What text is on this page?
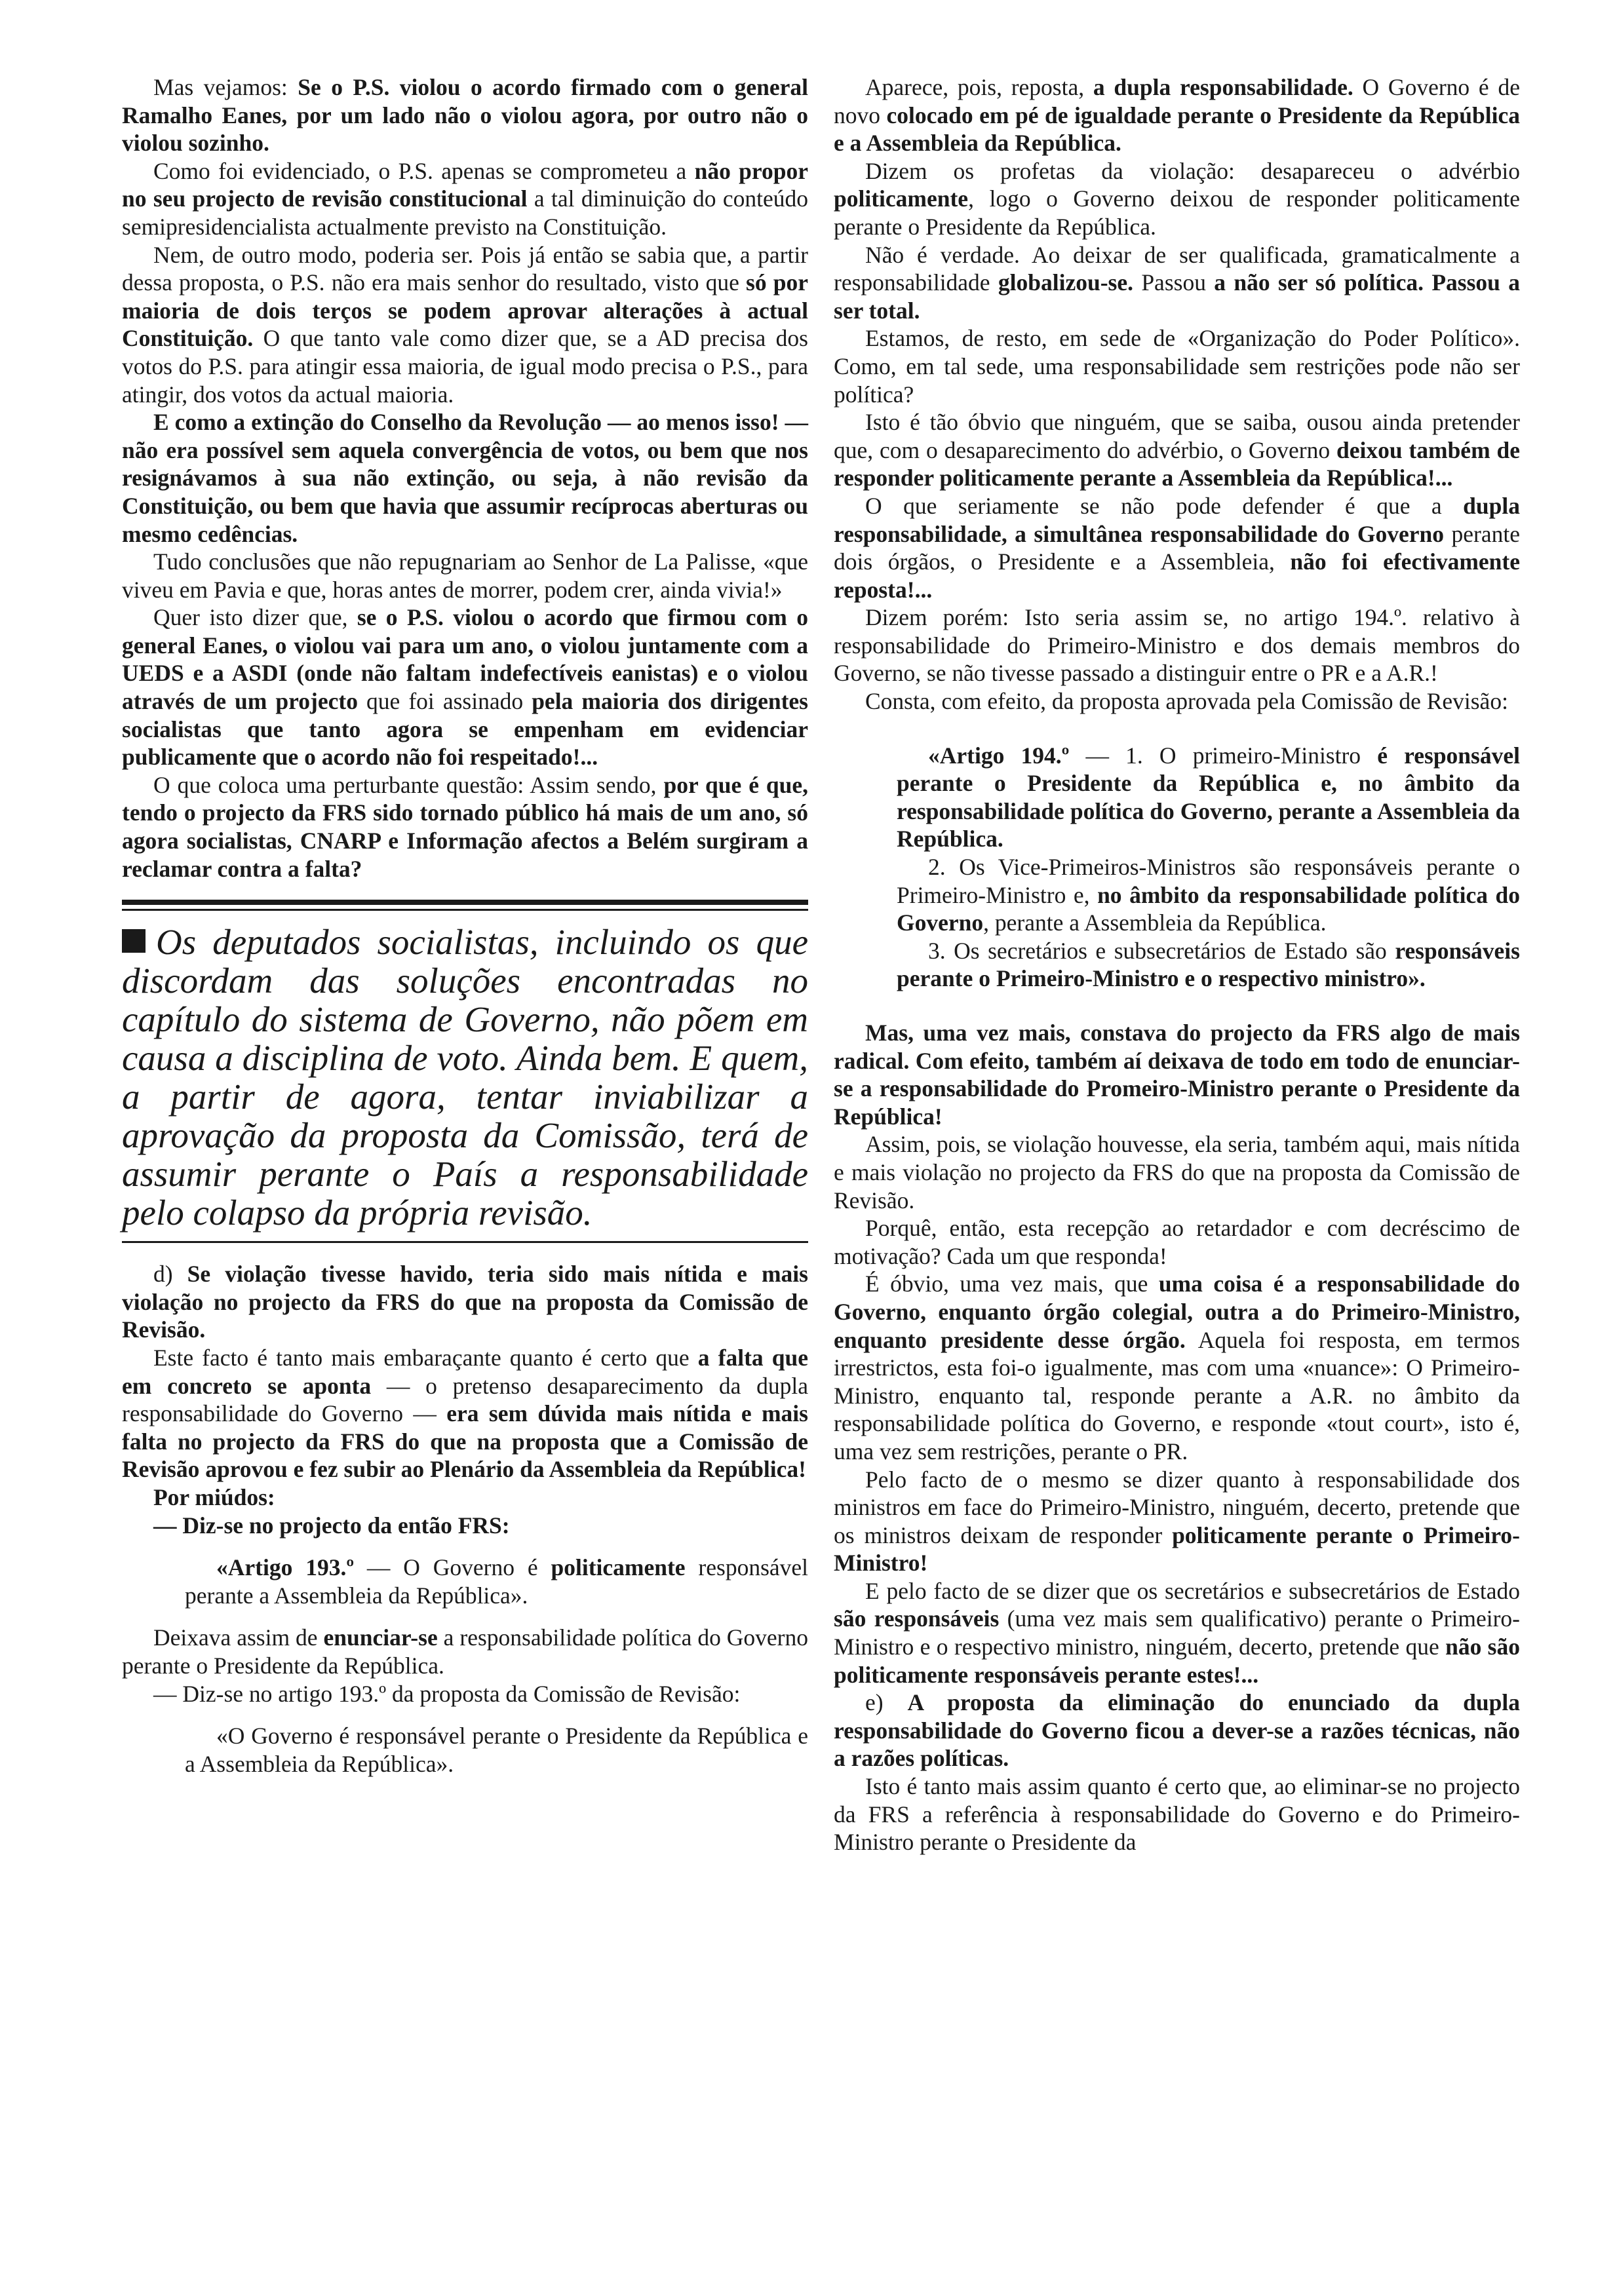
Mas vejamos: Se o P.S. violou o acordo firmado com o general Ramalho Eanes, por um lado não o violou agora, por outro não o violou sozinho.

Como foi evidenciado, o P.S. apenas se comprometeu a não propor no seu projecto de revisão constitucional a tal diminuição do conteúdo semipresidencialista actualmente previsto na Constituição.

Nem, de outro modo, poderia ser. Pois já então se sabia que, a partir dessa proposta, o P.S. não era mais senhor do resultado, visto que só por maioria de dois terços se podem aprovar alterações à actual Constituição. O que tanto vale como dizer que, se a AD precisa dos votos do P.S. para atingir essa maioria, de igual modo precisa o P.S., para atingir, dos votos da actual maioria.

E como a extinção do Conselho da Revolução — ao menos isso! — não era possível sem aquela convergência de votos, ou bem que nos resignávamos à sua não extinção, ou seja, à não revisão da Constituição, ou bem que havia que assumir recíprocas aberturas ou mesmo cedências.

Tudo conclusões que não repugnariam ao Senhor de La Palisse, «que viveu em Pavia e que, horas antes de morrer, podem crer, ainda vivia!»

Quer isto dizer que, se o P.S. violou o acordo que firmou com o general Eanes, o violou vai para um ano, o violou juntamente com a UEDS e a ASDI (onde não faltam indefectíveis eanistas) e o violou através de um projecto que foi assinado pela maioria dos dirigentes socialistas que tanto agora se empenham em evidenciar publicamente que o acordo não foi respeitado!...

O que coloca uma perturbante questão: Assim sendo, por que é que, tendo o projecto da FRS sido tornado público há mais de um ano, só agora socialistas, CNARP e Informação afectos a Belém surgiram a reclamar contra a falta?

Os deputados socialistas, incluindo os que discordam das soluções encontradas no capítulo do sistema de Governo, não põem em causa a disciplina de voto. Ainda bem. E quem, a partir de agora, tentar inviabilizar a aprovação da proposta da Comissão, terá de assumir perante o País a responsabilidade pelo colapso da própria revisão.

d) Se violação tivesse havido, teria sido mais nítida e mais violação no projecto da FRS do que na proposta da Comissão de Revisão.

Este facto é tanto mais embaraçante quanto é certo que a falta que em concreto se aponta — o pretenso desaparecimento da dupla responsabilidade do Governo — era sem dúvida mais nítida e mais falta no projecto da FRS do que na proposta que a Comissão de Revisão aprovou e fez subir ao Plenário da Assembleia da República!

Por miúdos:

— Diz-se no projecto da então FRS:

«Artigo 193.º — O Governo é politicamente responsável perante a Assembleia da República».

Deixava assim de enunciar-se a responsabilidade política do Governo perante o Presidente da República.

— Diz-se no artigo 193.º da proposta da Comissão de Revisão:

«O Governo é responsável perante o Presidente da República e a Assembleia da República».

Aparece, pois, reposta, a dupla responsabilidade. O Governo é de novo colocado em pé de igualdade perante o Presidente da República e a Assembleia da República.

Dizem os profetas da violação: desapareceu o advérbio politicamente, logo o Governo deixou de responder politicamente perante o Presidente da República.

Não é verdade. Ao deixar de ser qualificada, gramaticalmente a responsabilidade globalizou-se. Passou a não ser só política. Passou a ser total.

Estamos, de resto, em sede de «Organização do Poder Político». Como, em tal sede, uma responsabilidade sem restrições pode não ser política?

Isto é tão óbvio que ninguém, que se saiba, ousou ainda pretender que, com o desaparecimento do advérbio, o Governo deixou também de responder politicamente perante a Assembleia da República!...

O que seriamente se não pode defender é que a dupla responsabilidade, a simultânea responsabilidade do Governo perante dois órgãos, o Presidente e a Assembleia, não foi efectivamente reposta!...

Dizem porém: Isto seria assim se, no artigo 194.º. relativo à responsabilidade do Primeiro-Ministro e dos demais membros do Governo, se não tivesse passado a distinguir entre o PR e a A.R.!

Consta, com efeito, da proposta aprovada pela Comissão de Revisão:

«Artigo 194.º — 1. O primeiro-Ministro é responsável perante o Presidente da República e, no âmbito da responsabilidade política do Governo, perante a Assembleia da República.

2. Os Vice-Primeiros-Ministros são responsáveis perante o Primeiro-Ministro e, no âmbito da responsabilidade política do Governo, perante a Assembleia da República.

3. Os secretários e subsecretários de Estado são responsáveis perante o Primeiro-Ministro e o respectivo ministro».

Mas, uma vez mais, constava do projecto da FRS algo de mais radical. Com efeito, também aí deixava de todo em todo de enunciar-se a responsabilidade do Promeiro-Ministro perante o Presidente da República!

Assim, pois, se violação houvesse, ela seria, também aqui, mais nítida e mais violação no projecto da FRS do que na proposta da Comissão de Revisão.

Porquê, então, esta recepção ao retardador e com decréscimo de motivação? Cada um que responda!

É óbvio, uma vez mais, que uma coisa é a responsabilidade do Governo, enquanto órgão colegial, outra a do Primeiro-Ministro, enquanto presidente desse órgão. Aquela foi resposta, em termos irrestrictos, esta foi-o igualmente, mas com uma «nuance»: O Primeiro-Ministro, enquanto tal, responde perante a A.R. no âmbito da responsabilidade política do Governo, e responde «tout court», isto é, uma vez sem restrições, perante o PR.

Pelo facto de o mesmo se dizer quanto à responsabilidade dos ministros em face do Primeiro-Ministro, ninguém, decerto, pretende que os ministros deixam de responder politicamente perante o Primeiro-Ministro!

E pelo facto de se dizer que os secretários e subsecretários de Estado são responsáveis (uma vez mais sem qualificativo) perante o Primeiro-Ministro e o respectivo ministro, ninguém, decerto, pretende que não são politicamente responsáveis perante estes!...

e) A proposta da eliminação do enunciado da dupla responsabilidade do Governo ficou a dever-se a razões técnicas, não a razões políticas.

Isto é tanto mais assim quanto é certo que, ao eliminar-se no projecto da FRS a referência à responsabilidade do Governo e do Primeiro-Ministro perante o Presidente da
